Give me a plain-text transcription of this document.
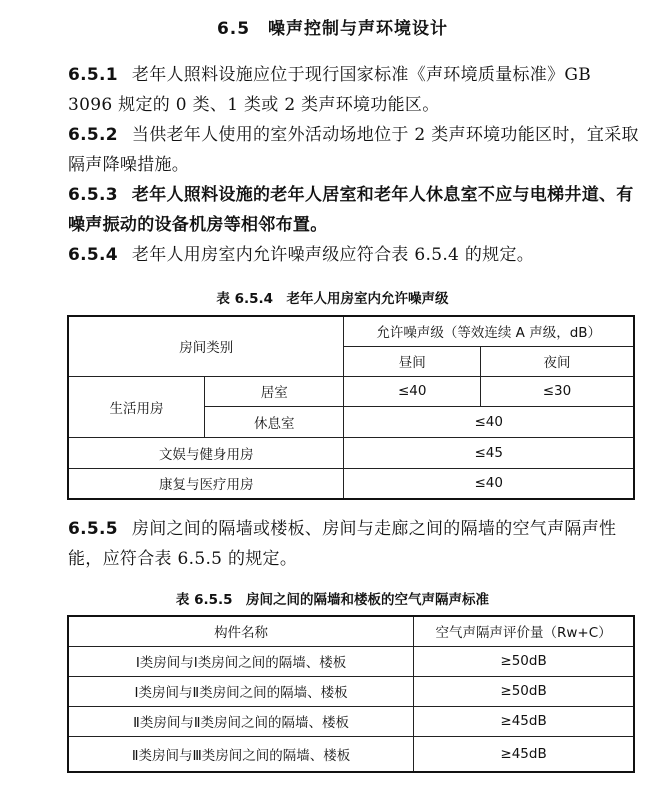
6.5　噪声控制与声环境设计
6.5.1 老年人照料设施应位于现行国家标准《声环境质量标准》GB 3096 规定的 0 类、1 类或 2 类声环境功能区。
6.5.2 当供老年人使用的室外活动场地位于 2 类声环境功能区时，宜采取隔声降噪措施。
6.5.3 老年人照料设施的老年人居室和老年人休息室不应与电梯井道、有噪声振动的设备机房等相邻布置。
6.5.4 老年人用房室内允许噪声级应符合表 6.5.4 的规定。
表 6.5.4　老年人用房室内允许噪声级
房间类别		允许噪声级（等效连续 A 声级，dB）	
		昼间	夜间
生活用房	居室	≤40	≤30
	休息室	≤40	
文娱与健身用房		≤45	
康复与医疗用房		≤40	
6.5.5 房间之间的隔墙或楼板、房间与走廊之间的隔墙的空气声隔声性能，应符合表 6.5.5 的规定。
表 6.5.5　房间之间的隔墙和楼板的空气声隔声标准
构件名称	空气声隔声评价量（Rw+C）
Ⅰ类房间与Ⅰ类房间之间的隔墙、楼板	≥50dB
Ⅰ类房间与Ⅱ类房间之间的隔墙、楼板	≥50dB
Ⅱ类房间与Ⅱ类房间之间的隔墙、楼板	≥45dB
Ⅱ类房间与Ⅲ类房间之间的隔墙、楼板	≥45dB
